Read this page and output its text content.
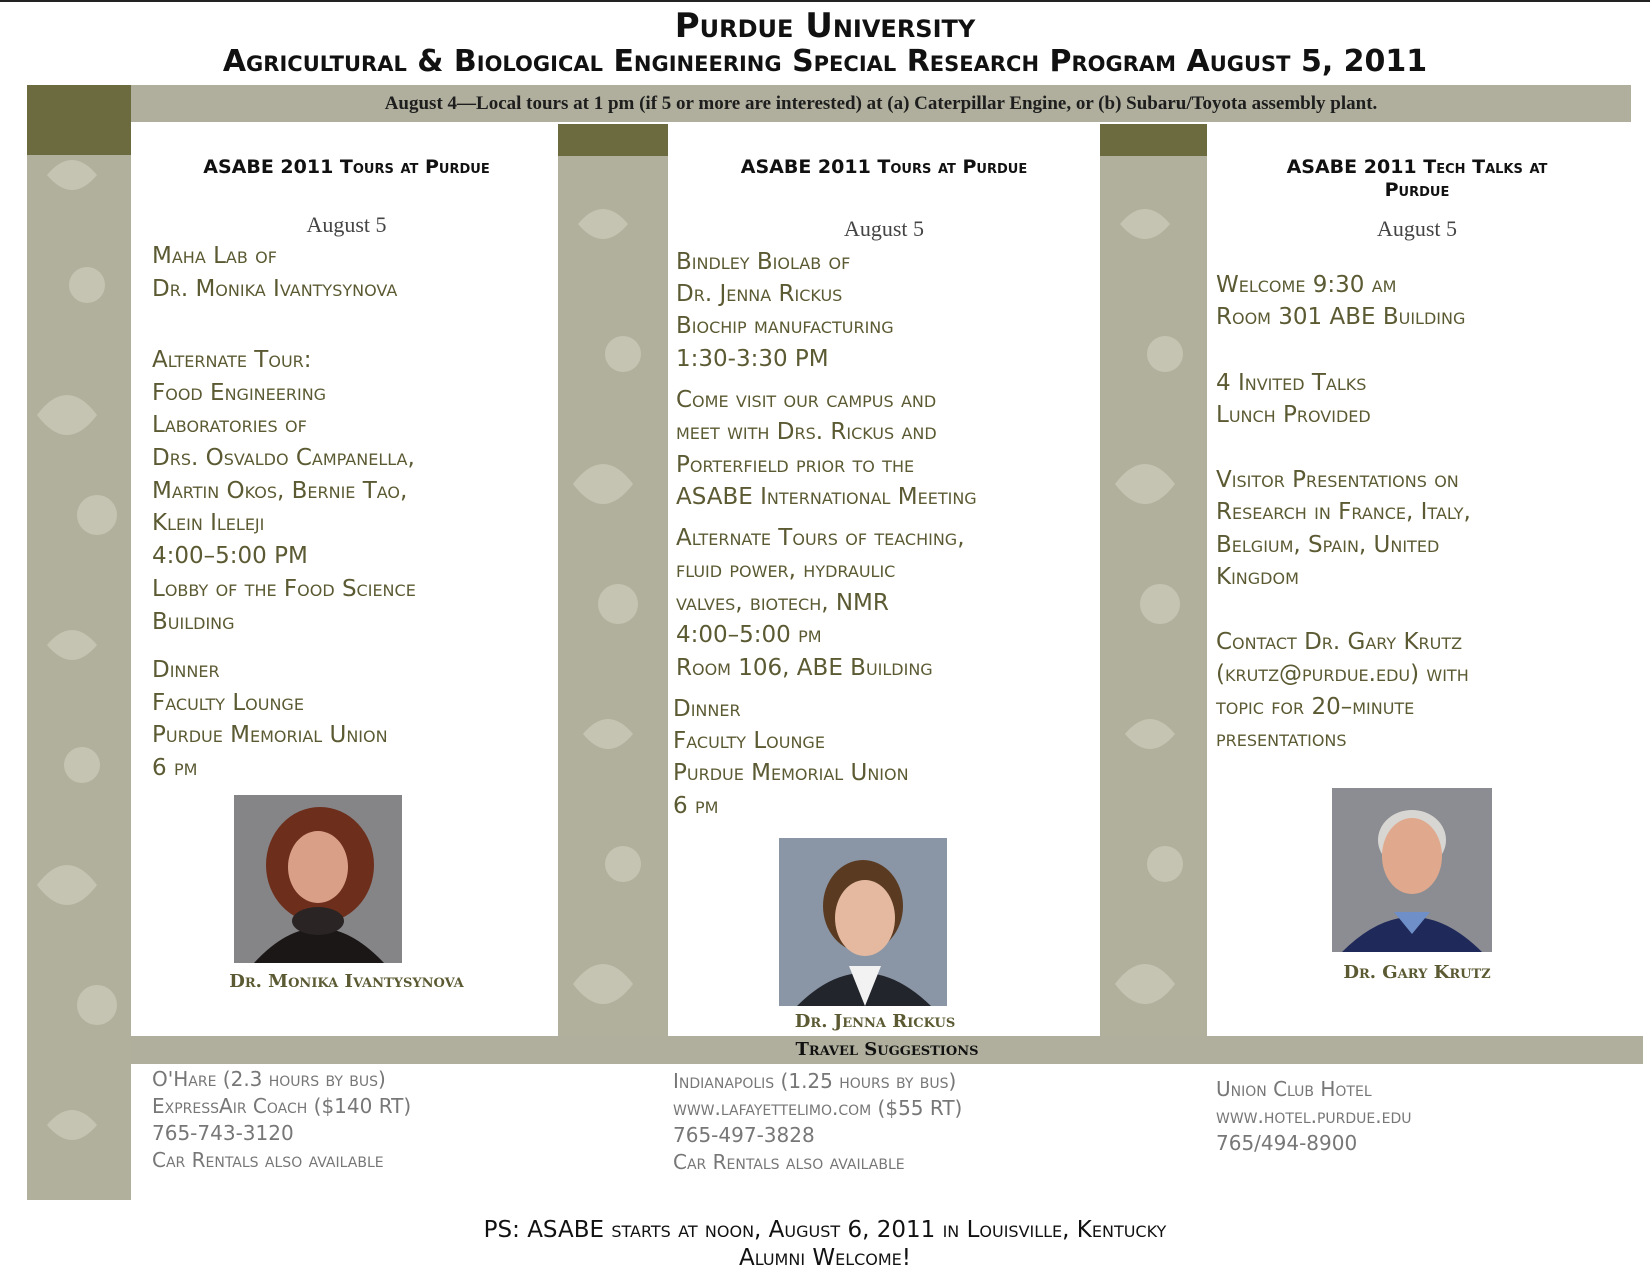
Purdue University
Agricultural & Biological Engineering Special Research Program August 5, 2011
August 4—Local tours at 1 pm (if 5 or more are interested) at (a) Caterpillar Engine, or (b) Subaru/Toyota assembly plant.
ASABE 2011 Tours at Purdue
August 5
Maha Lab of
Dr. Monika Ivantysynova
Alternate Tour:
Food Engineering
Laboratories of
Drs. Osvaldo Campanella,
Martin Okos, Bernie Tao,
Klein Ileleji
4:00–5:00 PM
Lobby of the Food Science
Building
Dinner
Faculty Lounge
Purdue Memorial Union
6 pm
Dr. Monika Ivantysynova
ASABE 2011 Tours at Purdue
August 5
Bindley Biolab of
Dr. Jenna Rickus
Biochip manufacturing
1:30-3:30 PM
Come visit our campus and
meet with Drs. Rickus and
Porterfield prior to the
ASABE International Meeting
Alternate Tours of teaching,
fluid power, hydraulic
valves, biotech, NMR
4:00–5:00 pm
Room 106, ABE Building
Dinner
Faculty Lounge
Purdue Memorial Union
6 pm
Dr. Jenna Rickus
ASABE 2011 Tech Talks at Purdue
August 5
Welcome 9:30 am
Room 301 ABE Building
4 Invited Talks
Lunch Provided
Visitor Presentations on
Research in France, Italy,
Belgium, Spain, United
Kingdom
Contact Dr. Gary Krutz
(krutz@purdue.edu) with
topic for 20–minute
presentations
Dr. Gary Krutz
Travel Suggestions
O'Hare (2.3 hours by bus)
ExpressAir Coach ($140 RT)
765-743-3120
Car Rentals also available
Indianapolis (1.25 hours by bus)
www.lafayettelimo.com ($55 RT)
765-497-3828
Car Rentals also available
Union Club Hotel
www.hotel.purdue.edu
765/494-8900
PS: ASABE starts at noon, August 6, 2011 in Louisville, Kentucky
Alumni Welcome!
